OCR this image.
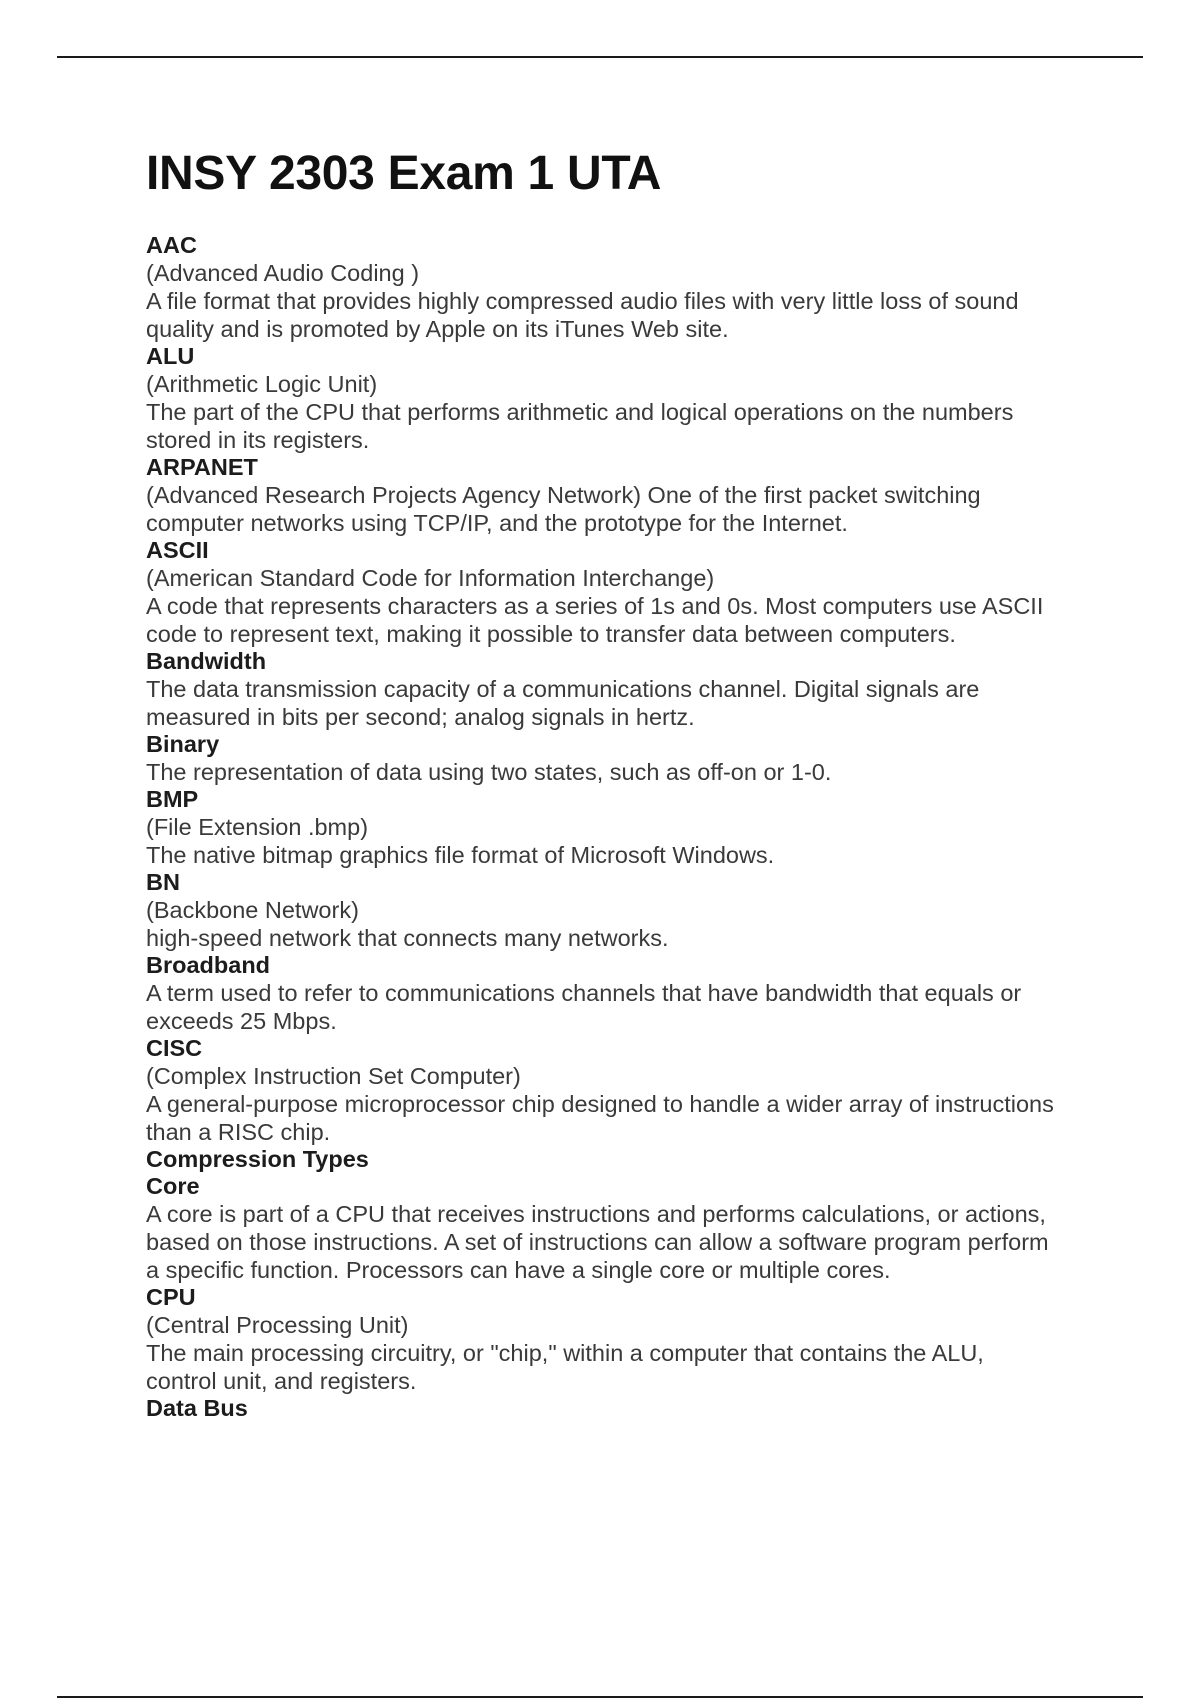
INSY 2303 Exam 1 UTA
AAC
(Advanced Audio Coding )
A file format that provides highly compressed audio files with very little loss of sound
quality and is promoted by Apple on its iTunes Web site.
ALU
(Arithmetic Logic Unit)
The part of the CPU that performs arithmetic and logical operations on the numbers
stored in its registers.
ARPANET
(Advanced Research Projects Agency Network) One of the first packet switching
computer networks using TCP/IP, and the prototype for the Internet.
ASCII
(American Standard Code for Information Interchange)
A code that represents characters as a series of 1s and 0s. Most computers use ASCII
code to represent text, making it possible to transfer data between computers.
Bandwidth
The data transmission capacity of a communications channel. Digital signals are
measured in bits per second; analog signals in hertz.
Binary
The representation of data using two states, such as off-on or 1-0.
BMP
(File Extension .bmp)
The native bitmap graphics file format of Microsoft Windows.
BN
(Backbone Network)
high-speed network that connects many networks.
Broadband
A term used to refer to communications channels that have bandwidth that equals or
exceeds 25 Mbps.
CISC
(Complex Instruction Set Computer)
A general-purpose microprocessor chip designed to handle a wider array of instructions
than a RISC chip.
Compression Types
Core
A core is part of a CPU that receives instructions and performs calculations, or actions,
based on those instructions. A set of instructions can allow a software program perform
a specific function. Processors can have a single core or multiple cores.
CPU
(Central Processing Unit)
The main processing circuitry, or "chip," within a computer that contains the ALU,
control unit, and registers.
Data Bus
